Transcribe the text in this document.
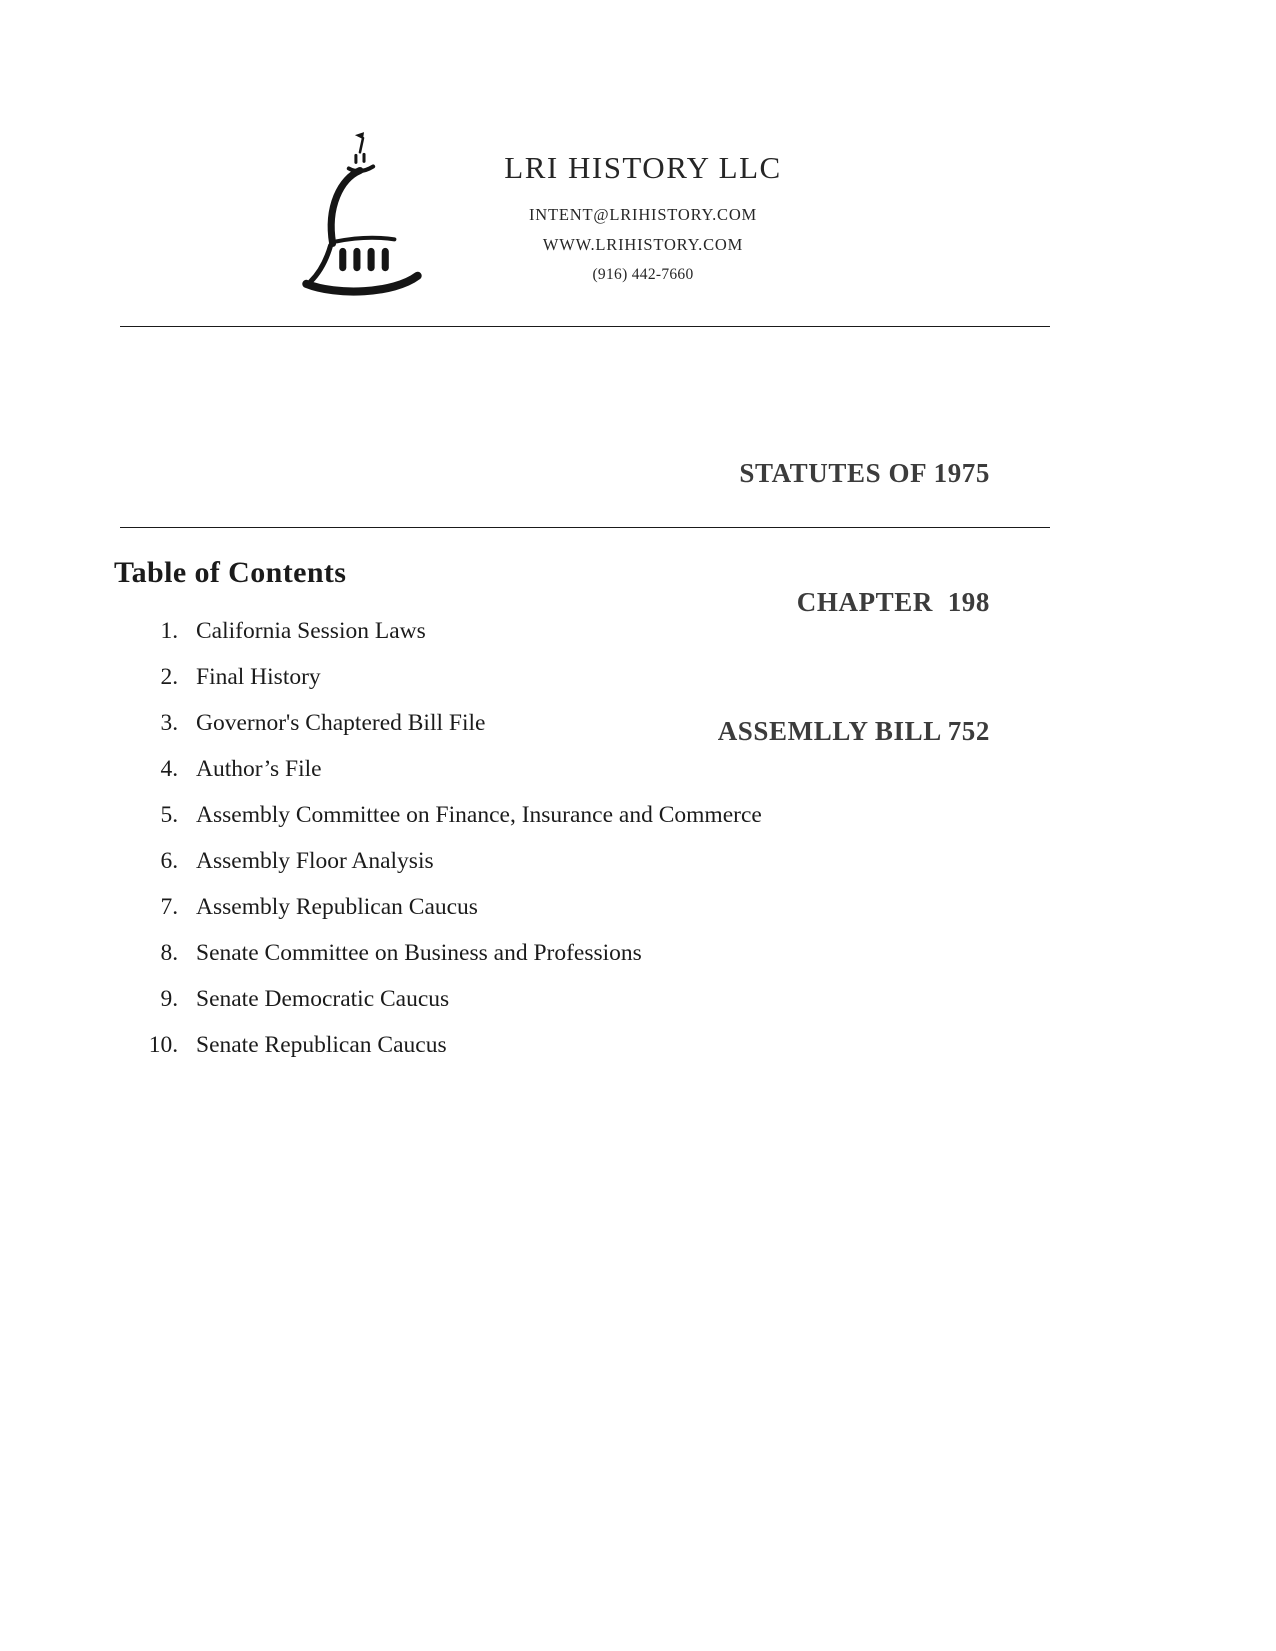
LRI HISTORY LLC
INTENT@LRIHISTORY.COM
WWW.LRIHISTORY.COM
(916) 442-7660

STATUTES OF 1975

CHAPTER  198

ASSEMLLY BILL 752

Table of Contents
1. California Session Laws
2. Final History
3. Governor's Chaptered Bill File
4. Author’s File
5. Assembly Committee on Finance, Insurance and Commerce
6. Assembly Floor Analysis
7. Assembly Republican Caucus
8. Senate Committee on Business and Professions
9. Senate Democratic Caucus
10. Senate Republican Caucus
